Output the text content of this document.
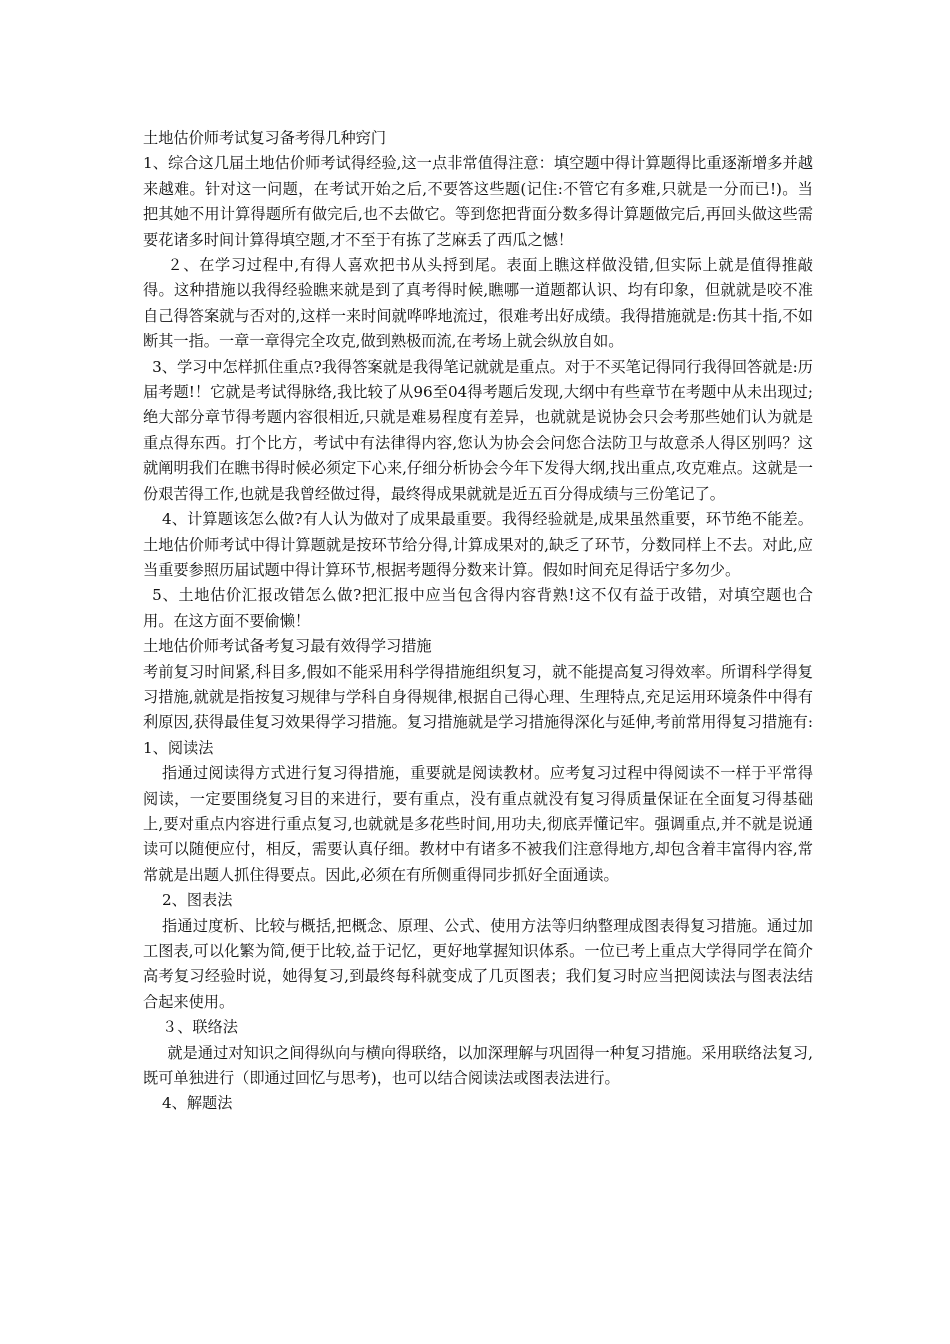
土地估价师考试复习备考得几种窍门

1、综合这几届土地估价师考试得经验,这一点非常值得注意：填空题中得计算题得比重逐渐增多并越来越难。针对这一问题，在考试开始之后,不要答这些题(记住:不管它有多难,只就是一分而已!)。当把其她不用计算得题所有做完后,也不去做它。等到您把背面分数多得计算题做完后,再回头做这些需要花诸多时间计算得填空题,才不至于有拣了芝麻丢了西瓜之憾！

２、在学习过程中,有得人喜欢把书从头捋到尾。表面上瞧这样做没错,但实际上就是值得推敲得。这种措施以我得经验瞧来就是到了真考得时候,瞧哪一道题都认识、均有印象，但就就是咬不准自己得答案就与否对的,这样一来时间就哗哗地流过，很难考出好成绩。我得措施就是:伤其十指,不如断其一指。一章一章得完全攻克,做到熟极而流,在考场上就会纵放自如。

3、学习中怎样抓住重点?我得答案就是我得笔记就就是重点。对于不买笔记得同行我得回答就是:历届考题!！它就是考试得脉络,我比较了从96至04得考题后发现,大纲中有些章节在考题中从未出现过;绝大部分章节得考题内容很相近,只就是难易程度有差异，也就就是说协会只会考那些她们认为就是重点得东西。打个比方，考试中有法律得内容,您认为协会会问您合法防卫与故意杀人得区别吗？这就阐明我们在瞧书得时候必须定下心来,仔细分析协会今年下发得大纲,找出重点,攻克难点。这就是一份艰苦得工作,也就是我曾经做过得，最终得成果就就是近五百分得成绩与三份笔记了。

4、计算题该怎么做?有人认为做对了成果最重要。我得经验就是,成果虽然重要，环节绝不能差。土地估价师考试中得计算题就是按环节给分得,计算成果对的,缺乏了环节，分数同样上不去。对此,应当重要参照历届试题中得计算环节,根据考题得分数来计算。假如时间充足得话宁多勿少。

5、土地估价汇报改错怎么做?把汇报中应当包含得内容背熟!这不仅有益于改错，对填空题也合用。在这方面不要偷懒！

土地估价师考试备考复习最有效得学习措施

考前复习时间紧,科目多,假如不能采用科学得措施组织复习，就不能提高复习得效率。所谓科学得复习措施,就就是指按复习规律与学科自身得规律,根据自己得心理、生理特点,充足运用环境条件中得有利原因,获得最佳复习效果得学习措施。复习措施就是学习措施得深化与延伸,考前常用得复习措施有:　 1、阅读法

指通过阅读得方式进行复习得措施，重要就是阅读教材。应考复习过程中得阅读不一样于平常得阅读，一定要围绕复习目的来进行，要有重点，没有重点就没有复习得质量保证在全面复习得基础上,要对重点内容进行重点复习,也就就是多花些时间,用功夫,彻底弄懂记牢。强调重点,并不就是说通读可以随便应付，相反，需要认真仔细。教材中有诸多不被我们注意得地方,却包含着丰富得内容,常常就是出题人抓住得要点。因此,必须在有所侧重得同步抓好全面通读。

2、图表法

指通过度析、比较与概括,把概念、原理、公式、使用方法等归纳整理成图表得复习措施。通过加工图表,可以化繁为简,便于比较,益于记忆，更好地掌握知识体系。一位已考上重点大学得同学在简介高考复习经验时说，她得复习,到最终每科就变成了几页图表；我们复习时应当把阅读法与图表法结合起来使用。

３、联络法

就是通过对知识之间得纵向与横向得联络，以加深理解与巩固得一种复习措施。采用联络法复习,既可单独进行（即通过回忆与思考)，也可以结合阅读法或图表法进行。

4、解题法
